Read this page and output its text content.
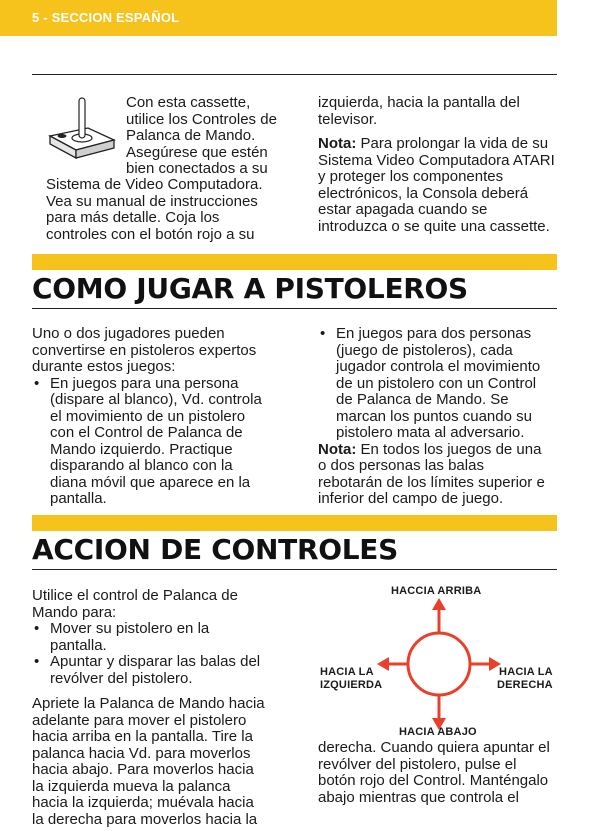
5 - SECCION ESPAÑOL

Con esta cassette,

utilice los Controles de

Palanca de Mando.

Asegúrese que estén

bien conectados a su

Sistema de Video Computadora.

Vea su manual de instrucciones

para más detalle. Coja los

controles con el botón rojo a su

izquierda, hacia la pantalla del

televisor.

Nota: Para prolongar la vida de su

Sistema Video Computadora ATARI

y proteger los componentes

electrónicos, la Consola deberá

estar apagada cuando se

introduzca o se quite una cassette.

COMO JUGAR A PISTOLEROS

Uno o dos jugadores pueden

convertirse en pistoleros expertos

durante estos juegos:

• En juegos para una persona
(dispare al blanco), Vd. controla
el movimiento de un pistolero
con el Control de Palanca de
Mando izquierdo. Practique
disparando al blanco con la
diana móvil que aparece en la
pantalla.
• En juegos para dos personas
(juego de pistoleros), cada
jugador controla el movimiento
de un pistolero con un Control
de Palanca de Mando. Se
marcan los puntos cuando su
pistolero mata al adversario.

Nota: En todos los juegos de una

o dos personas las balas

rebotarán de los límites superior e

inferior del campo de juego.

ACCION DE CONTROLES

Utilice el control de Palanca de

Mando para:

• Mover su pistolero en la
pantalla.
• Apuntar y disparar las balas del
revólver del pistolero.

Apriete la Palanca de Mando hacia

adelante para mover el pistolero

hacia arriba en la pantalla. Tire la

palanca hacia Vd. para moverlos

hacia abajo. Para moverlos hacia

la izquierda mueva la palanca

hacia la izquierda; muévala hacia

la derecha para moverlos hacia la

HACCIA ARRIBA
HACIA LA
IZQUIERDA
HACIA LA
DERECHA
HACIA ABAJO

derecha. Cuando quiera apuntar el

revólver del pistolero, pulse el

botón rojo del Control. Manténgalo

abajo mientras que controla el
